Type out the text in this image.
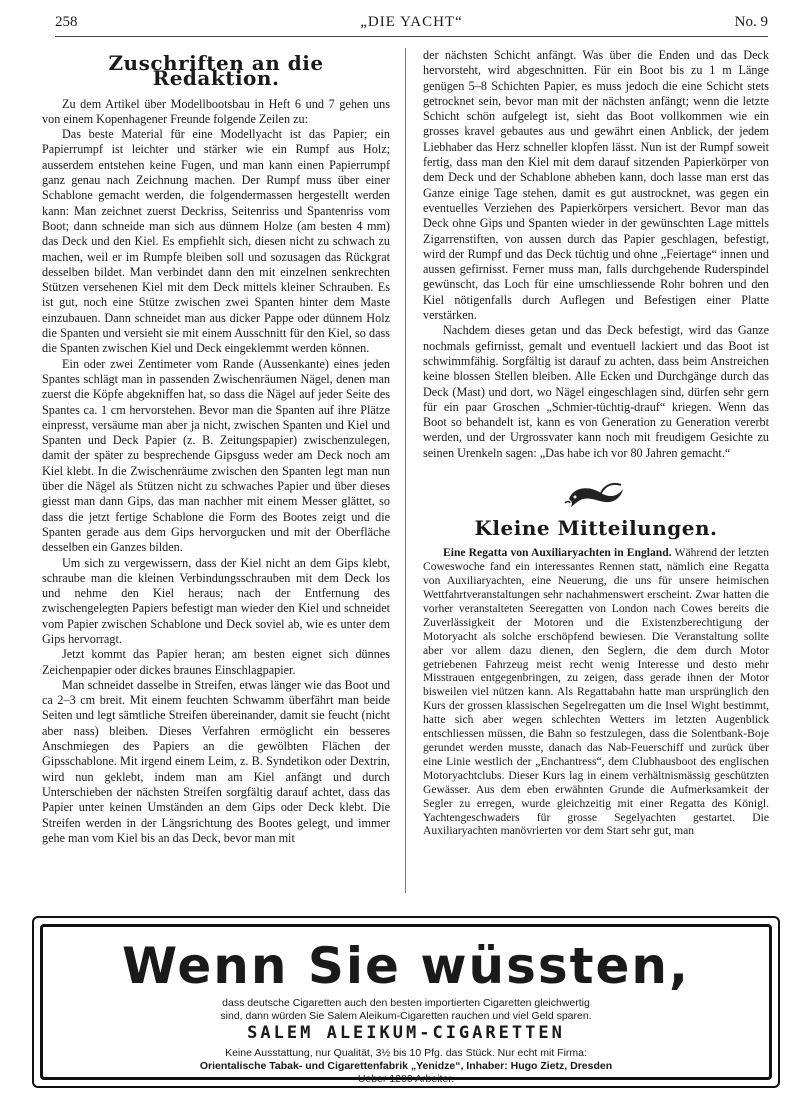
258	„DIE YACHT“	No. 9
Zuschriften an die Redaktion.

Zu dem Artikel über Modellbootsbau in Heft 6 und 7 gehen uns von einem Kopenhagener Freunde folgende Zeilen zu:

Das beste Material für eine Modellyacht ist das Papier; ein Papierrumpf ist leichter und stärker wie ein Rumpf aus Holz; ausserdem entstehen keine Fugen, und man kann einen Papierrumpf ganz genau nach Zeichnung machen. Der Rumpf muss über einer Schablone gemacht werden, die folgendermassen hergestellt werden kann: Man zeichnet zuerst Deckriss, Seitenriss und Spantenriss vom Boot; dann schneide man sich aus dünnem Holze (am besten 4 mm) das Deck und den Kiel. Es empfiehlt sich, diesen nicht zu schwach zu machen, weil er im Rumpfe bleiben soll und sozusagen das Rückgrat desselben bildet. Man verbindet dann den mit einzelnen senkrechten Stützen versehenen Kiel mit dem Deck mittels kleiner Schrauben. Es ist gut, noch eine Stütze zwischen zwei Spanten hinter dem Maste einzubauen. Dann schneidet man aus dicker Pappe oder dünnem Holz die Spanten und versieht sie mit einem Ausschnitt für den Kiel, so dass die Spanten zwischen Kiel und Deck eingeklemmt werden können.

Ein oder zwei Zentimeter vom Rande (Aussenkante) eines jeden Spantes schlägt man in passenden Zwischenräumen Nägel, denen man zuerst die Köpfe abgekniffen hat, so dass die Nägel auf jeder Seite des Spantes ca. 1 cm hervorstehen. Bevor man die Spanten auf ihre Plätze einpresst, versäume man aber ja nicht, zwischen Spanten und Kiel und Spanten und Deck Papier (z. B. Zeitungspapier) zwischenzulegen, damit der später zu besprechende Gipsguss weder am Deck noch am Kiel klebt. In die Zwischenräume zwischen den Spanten legt man nun über die Nägel als Stützen nicht zu schwaches Papier und über dieses giesst man dann Gips, das man nachher mit einem Messer glättet, so dass die jetzt fertige Schablone die Form des Bootes zeigt und die Spanten gerade aus dem Gips hervorgucken und mit der Oberfläche desselben ein Ganzes bilden.

Um sich zu vergewissern, dass der Kiel nicht an dem Gips klebt, schraube man die kleinen Verbindungsschrauben mit dem Deck los und nehme den Kiel heraus; nach der Entfernung des zwischengelegten Papiers befestigt man wieder den Kiel und schneidet vom Papier zwischen Schablone und Deck soviel ab, wie es unter dem Gips hervorragt.

Jetzt kommt das Papier heran; am besten eignet sich dünnes Zeichenpapier oder dickes braunes Einschlagpapier.

Man schneidet dasselbe in Streifen, etwas länger wie das Boot und ca 2–3 cm breit. Mit einem feuchten Schwamm überfährt man beide Seiten und legt sämtliche Streifen übereinander, damit sie feucht (nicht aber nass) bleiben. Dieses Verfahren ermöglicht ein besseres Anschmiegen des Papiers an die gewölbten Flächen der Gipsschablone. Mit irgend einem Leim, z. B. Syndetikon oder Dextrin, wird nun geklebt, indem man am Kiel anfängt und durch Unterschieben der nächsten Streifen sorgfältig darauf achtet, dass das Papier unter keinen Umständen an dem Gips oder Deck klebt. Die Streifen werden in der Längsrichtung des Bootes gelegt, und immer gehe man vom Kiel bis an das Deck, bevor man mit

der nächsten Schicht anfängt. Was über die Enden und das Deck hervorsteht, wird abgeschnitten. Für ein Boot bis zu 1 m Länge genügen 5–8 Schichten Papier, es muss jedoch die eine Schicht stets getrocknet sein, bevor man mit der nächsten anfängt; wenn die letzte Schicht schön aufgelegt ist, sieht das Boot vollkommen wie ein grosses kravel gebautes aus und gewährt einen Anblick, der jedem Liebhaber das Herz schneller klopfen lässt. Nun ist der Rumpf soweit fertig, dass man den Kiel mit dem darauf sitzenden Papierkörper von dem Deck und der Schablone abheben kann, doch lasse man erst das Ganze einige Tage stehen, damit es gut austrocknet, was gegen ein eventuelles Verziehen des Papierkörpers versichert. Bevor man das Deck ohne Gips und Spanten wieder in der gewünschten Lage mittels Zigarrenstiften, von aussen durch das Papier geschlagen, befestigt, wird der Rumpf und das Deck tüchtig und ohne „Feiertage“ innen und aussen gefirnisst. Ferner muss man, falls durchgehende Ruderspindel gewünscht, das Loch für eine umschliessende Rohr bohren und den Kiel nötigenfalls durch Auflegen und Befestigen einer Platte verstärken.

Nachdem dieses getan und das Deck befestigt, wird das Ganze nochmals gefirnisst, gemalt und eventuell lackiert und das Boot ist schwimmfähig. Sorgfältig ist darauf zu achten, dass beim Anstreichen keine blossen Stellen bleiben. Alle Ecken und Durchgänge durch das Deck (Mast) und dort, wo Nägel eingeschlagen sind, dürfen sehr gern für ein paar Groschen „Schmier-tüchtig-drauf“ kriegen. Wenn das Boot so behandelt ist, kann es von Generation zu Generation vererbt werden, und der Urgrossvater kann noch mit freudigem Gesichte zu seinen Urenkeln sagen: „Das habe ich vor 80 Jahren gemacht.“

Kleine Mitteilungen.

Eine Regatta von Auxiliaryachten in England. Während der letzten Coweswoche fand ein interessantes Rennen statt, nämlich eine Regatta von Auxiliaryachten, eine Neuerung, die uns für unsere heimischen Wettfahrtveranstaltungen sehr nachahmenswert erscheint. Zwar hatten die vorher veranstalteten Seeregatten von London nach Cowes bereits die Zuverlässigkeit der Motoren und die Existenzberechtigung der Motoryacht als solche erschöpfend bewiesen. Die Veranstaltung sollte aber vor allem dazu dienen, den Seglern, die dem durch Motor getriebenen Fahrzeug meist recht wenig Interesse und desto mehr Misstrauen entgegenbringen, zu zeigen, dass gerade ihnen der Motor bisweilen viel nützen kann. Als Regattabahn hatte man ursprünglich den Kurs der grossen klassischen Segelregatten um die Insel Wight bestimmt, hatte sich aber wegen schlechten Wetters im letzten Augenblick entschliessen müssen, die Bahn so festzulegen, dass die Solentbank-Boje gerundet werden musste, danach das Nab-Feuerschiff und zurück über eine Linie westlich der „Enchantress“, dem Clubhausboot des englischen Motoryachtclubs. Dieser Kurs lag in einem verhältnismässig geschützten Gewässer. Aus dem eben erwähnten Grunde die Aufmerksamkeit der Segler zu erregen, wurde gleichzeitig mit einer Regatta des Königl. Yachtengeschwaders für grosse Segelyachten gestartet. Die Auxiliaryachten manövrierten vor dem Start sehr gut, man

Wenn Sie wüssten,
dass deutsche Cigaretten auch den besten importierten Cigaretten gleichwertig
sind, dann würden Sie Salem Aleikum-Cigaretten rauchen und viel Geld sparen.
SALEM ALEIKUM-CIGARETTEN
Keine Ausstattung, nur Qualität, 3½ bis 10 Pfg. das Stück. Nur echt mit Firma:
Orientalische Tabak- und Cigarettenfabrik „Yenidze“, Inhaber: Hugo Zietz, Dresden
Ueber 1200 Arbeiter.
